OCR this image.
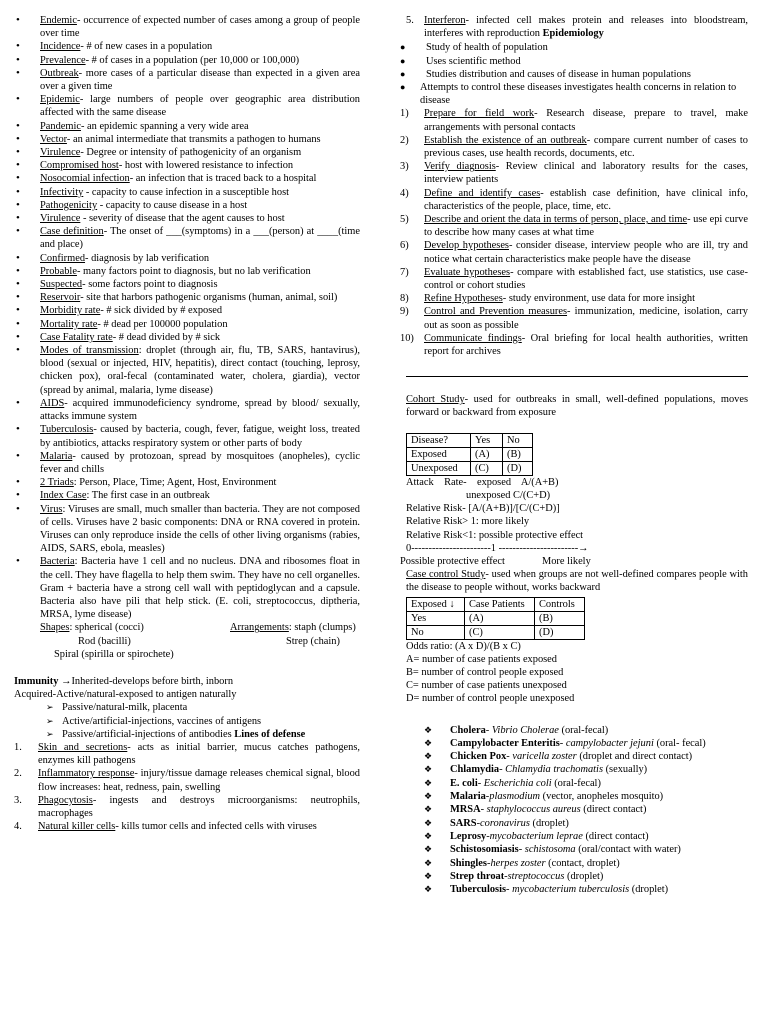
• Endemic- occurrence of expected number of cases among a group of people over time
• Incidence- # of new cases in a population
• Prevalence- # of cases in a population (per 10,000 or 100,000)
• Outbreak- more cases of a particular disease than expected in a given area over a given time
• Epidemic- large numbers of people over geographic area distribution affected with the same disease
• Pandemic- an epidemic spanning a very wide area
• Vector- an animal intermediate that transmits a pathogen to humans
• Virulence- Degree or intensity of pathogenicity of an organism
• Compromised host- host with lowered resistance to infection
• Nosocomial infection- an infection that is traced back to a hospital
• Infectivity - capacity to cause infection in a susceptible host
• Pathogenicity - capacity to cause disease in a host
• Virulence - severity of disease that the agent causes to host
• Case definition- The onset of ___(symptoms) in a ___(person) at ____(time and place)
• Confirmed- diagnosis by lab verification
• Probable- many factors point to diagnosis, but no lab verification
• Suspected- some factors point to diagnosis
• Reservoir- site that harbors pathogenic organisms (human, animal, soil)
• Morbidity rate- # sick divided by # exposed
• Mortality rate- # dead per 100000 population
• Case Fatality rate- # dead divided by # sick
• Modes of transmission: droplet (through air, flu, TB, SARS, hantavirus), blood (sexual or injected, HIV, hepatitis), direct contact (touching, leprosy, chicken pox), oral-fecal (contaminated water, cholera, giardia), vector (spread by animal, malaria, lyme disease)
• AIDS- acquired immunodeficiency syndrome, spread by blood/ sexually, attacks immune system
• Tuberculosis- caused by bacteria, cough, fever, fatigue, weight loss, treated by antibiotics, attacks respiratory system or other parts of body
• Malaria- caused by protozoan, spread by mosquitoes (anopheles), cyclic fever and chills
• 2 Triads: Person, Place, Time; Agent, Host, Environment
• Index Case: The first case in an outbreak
• Virus: Viruses are small, much smaller than bacteria. They are not composed of cells. Viruses have 2 basic components: DNA or RNA covered in protein. Viruses can only reproduce inside the cells of other living organisms (rabies, AIDS, SARS, ebola, measles)
• Bacteria: Bacteria have 1 cell and no nucleus. DNA and ribosomes float in the cell. They have flagella to help them swim. They have no cell organelles. Gram + bacteria have a strong cell wall with peptidoglycan and a capsule. Bacteria also have pili that help stick. (E. coli, streptococcus, diptheria, MRSA, lyme disease)
Shapes: spherical (cocci)	Arrangements: staph (clumps)
Rod (bacilli)	Strep (chain)
Spiral (spirilla or spirochete)

Immunity →Inherited-develops before birth, inborn

Acquired-Active/natural-exposed to antigen naturally

➢ Passive/natural-milk, placenta
➢ Active/artificial-injections, vaccines of antigens
➢ Passive/artificial-injections of antibodies Lines of defense
1. Skin and secretions- acts as initial barrier, mucus catches pathogens, enzymes kill pathogens
2. Inflammatory response- injury/tissue damage releases chemical signal, blood flow increases: heat, redness, pain, swelling
3. Phagocytosis- ingests and destroys microorganisms: neutrophils, macrophages
4. Natural killer cells- kills tumor cells and infected cells with viruses
5. Interferon- infected cell makes protein and releases into bloodstream, interferes with reproduction Epidemiology
● Study of health of population
● Uses scientific method
● Studies distribution and causes of disease in human populations
● Attempts to control these diseases investigates health concerns in relation to disease
1) Prepare for field work- Research disease, prepare to travel, make arrangements with personal contacts
2) Establish the existence of an outbreak- compare current number of cases to previous cases, use health records, documents, etc.
3) Verify diagnosis- Review clinical and laboratory results for the cases, interview patients
4) Define and identify cases- establish case definition, have clinical info, characteristics of the people, place, time, etc.
5) Describe and orient the data in terms of person, place, and time- use epi curve to describe how many cases at what time
6) Develop hypotheses- consider disease, interview people who are ill, try and notice what certain characteristics make people have the disease
7) Evaluate hypotheses- compare with established fact, use statistics, use case-control or cohort studies
8) Refine Hypotheses- study environment, use data for more insight
9) Control and Prevention measures- immunization, medicine, isolation, carry out as soon as possible
10) Communicate findings- Oral briefing for local health authorities, written report for archives
Cohort Study- used for outbreaks in small, well-defined populations, moves forward or backward from exposure
Disease?	Yes	No
Exposed	(A)	(B)
Unexposed	(C)	(D)
Attack    Rate-    exposed    A/(A+B)
unexposed C/(C+D)
Relative Risk- [A/(A+B)]/[C/(C+D)]
Relative Risk> 1: more likely
Relative Risk<1: possible protective effect
0-----------------------1 -----------------------→
Possible protective effect	More likely
Case control Study- used when groups are not well-defined compares people with the disease to people without, works backward
Exposed ↓	Case Patients	Controls
Yes	(A)	(B)
No	(C)	(D)
Odds ratio: (A x D)/(B x C)
A= number of case patients exposed
B= number of control people exposed
C= number of case patients unexposed
D= number of control people unexposed
❖ Cholera- Vibrio Cholerae (oral-fecal)
❖ Campylobacter Enteritis- campylobacter jejuni (oral- fecal)
❖ Chicken Pox- varicella zoster (droplet and direct contact)
❖ Chlamydia- Chlamydia trachomatis (sexually)
❖ E. coli- Escherichia coli (oral-fecal)
❖ Malaria-plasmodium (vector, anopheles mosquito)
❖ MRSA- staphylococcus aureus (direct contact)
❖ SARS-coronavirus (droplet)
❖ Leprosy-mycobacterium leprae (direct contact)
❖ Schistosomiasis- schistosoma (oral/contact with water)
❖ Shingles-herpes zoster (contact, droplet)
❖ Strep throat-streptococcus (droplet)
❖ Tuberculosis- mycobacterium tuberculosis (droplet)
